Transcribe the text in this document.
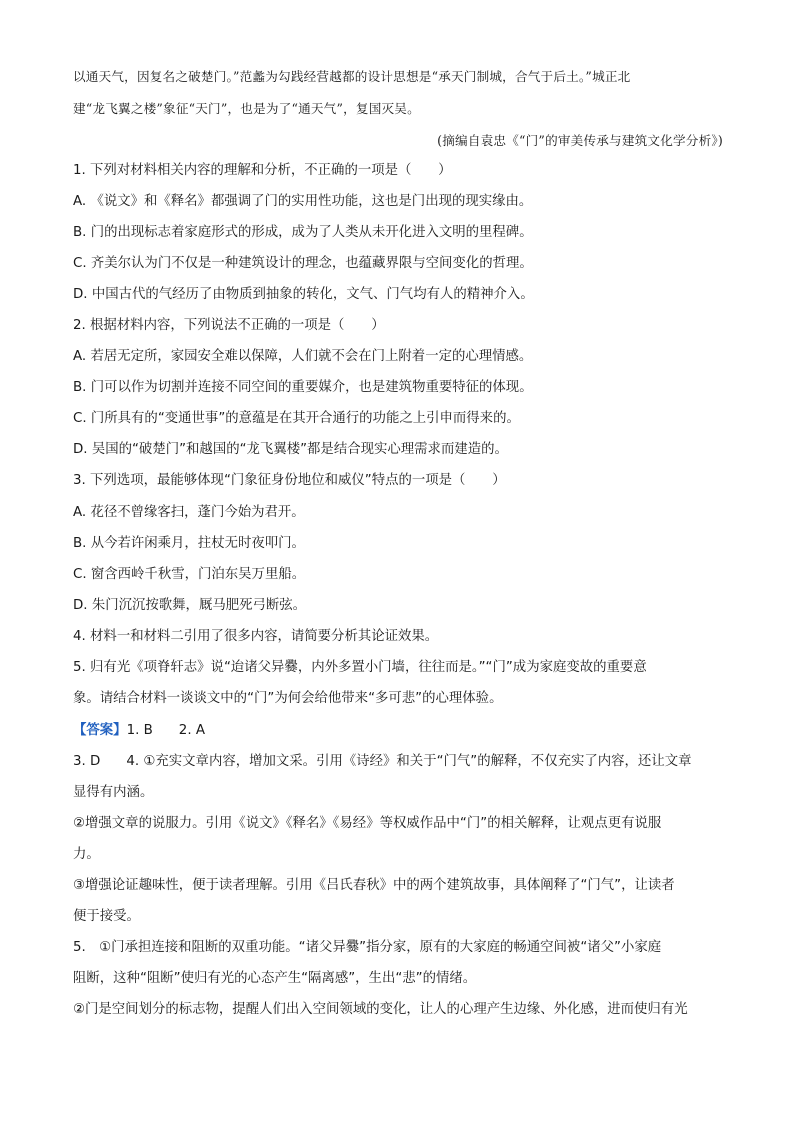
以通天气，因复名之破楚门。”范蠡为勾践经营越都的设计思想是“承天门制城，合气于后土。”城正北
建“龙飞翼之楼”象征“天门”，也是为了“通天气”，复国灭吴。
(摘编自袁忠《“门”的审美传承与建筑文化学分析》)
1. 下列对材料相关内容的理解和分析，不正确的一项是（　　）
A. 《说文》和《释名》都强调了门的实用性功能，这也是门出现的现实缘由。
B. 门的出现标志着家庭形式的形成，成为了人类从未开化进入文明的里程碑。
C. 齐美尔认为门不仅是一种建筑设计的理念，也蕴藏界限与空间变化的哲理。
D. 中国古代的气经历了由物质到抽象的转化，文气、门气均有人的精神介入。
2. 根据材料内容，下列说法不正确的一项是（　　）
A. 若居无定所，家园安全难以保障，人们就不会在门上附着一定的心理情感。
B. 门可以作为切割并连接不同空间的重要媒介，也是建筑物重要特征的体现。
C. 门所具有的“变通世事”的意蕴是在其开合通行的功能之上引申而得来的。
D. 吴国的“破楚门”和越国的“龙飞翼楼”都是结合现实心理需求而建造的。
3. 下列选项，最能够体现“门象征身份地位和威仪”特点的一项是（　　）
A. 花径不曾缘客扫，蓬门今始为君开。
B. 从今若许闲乘月，拄杖无时夜叩门。
C. 窗含西岭千秋雪，门泊东吴万里船。
D. 朱门沉沉按歌舞，厩马肥死弓断弦。
4. 材料一和材料二引用了很多内容，请简要分析其论证效果。
5. 归有光《项脊轩志》说“迨诸父异爨，内外多置小门墙，往往而是。”“门”成为家庭变故的重要意
象。请结合材料一谈谈文中的“门”为何会给他带来“多可悲”的心理体验。
【答案】1. B 2. A
3. D 4. ①充实文章内容，增加文采。引用《诗经》和关于“门气”的解释，不仅充实了内容，还让文章
显得有内涵。
②增强文章的说服力。引用《说文》《释名》《易经》等权威作品中“门”的相关解释，让观点更有说服
力。
③增强论证趣味性，便于读者理解。引用《吕氏春秋》中的两个建筑故事，具体阐释了“门气”，让读者
便于接受。
5.　①门承担连接和阻断的双重功能。“诸父异爨”指分家，原有的大家庭的畅通空间被“诸父”小家庭
阻断，这种“阻断”使归有光的心态产生“隔离感”，生出“悲”的情绪。
②门是空间划分的标志物，提醒人们出入空间领域的变化，让人的心理产生边缘、外化感，进而使归有光
